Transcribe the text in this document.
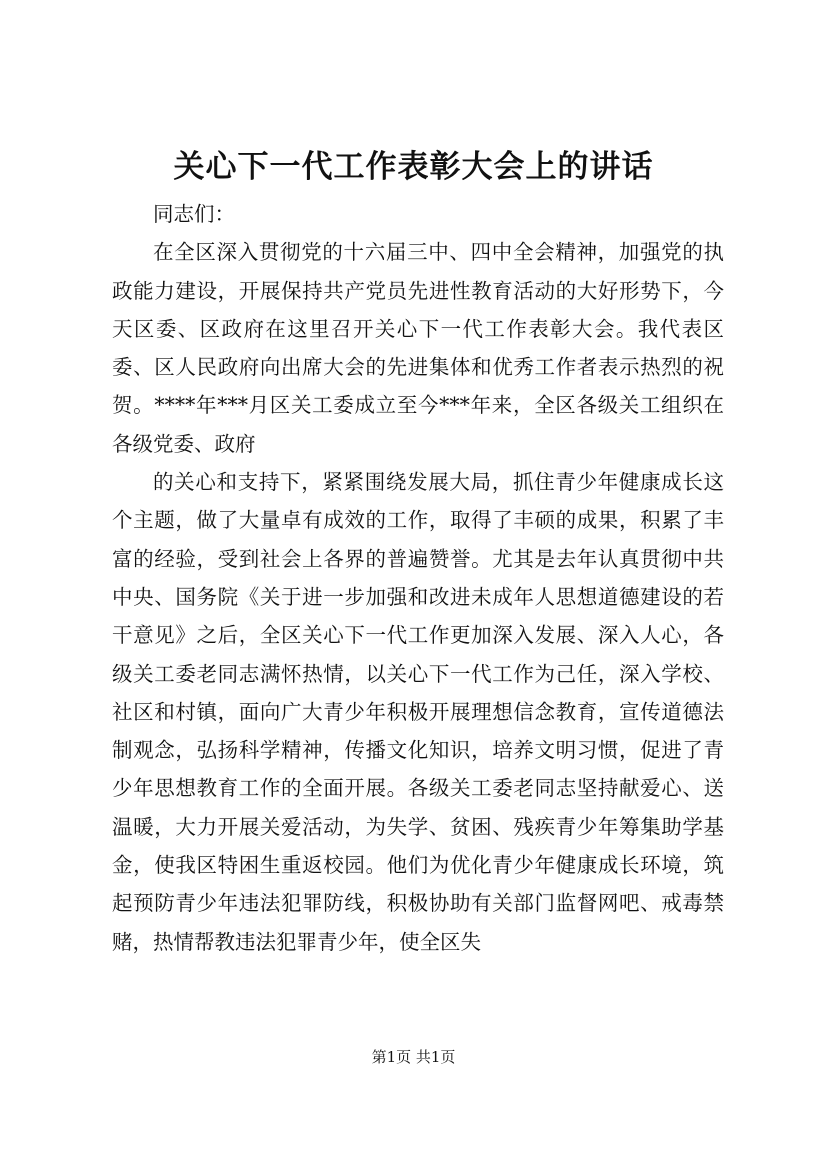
关心下一代工作表彰大会上的讲话

同志们：

在全区深入贯彻党的十六届三中、四中全会精神，加强党的执政能力建设，开展保持共产党员先进性教育活动的大好形势下，今天区委、区政府在这里召开关心下一代工作表彰大会。我代表区委、区人民政府向出席大会的先进集体和优秀工作者表示热烈的祝贺。****年***月区关工委成立至今***年来，全区各级关工组织在各级党委、政府

的关心和支持下，紧紧围绕发展大局，抓住青少年健康成长这个主题，做了大量卓有成效的工作，取得了丰硕的成果，积累了丰富的经验，受到社会上各界的普遍赞誉。尤其是去年认真贯彻中共中央、国务院《关于进一步加强和改进未成年人思想道德建设的若干意见》之后，全区关心下一代工作更加深入发展、深入人心，各级关工委老同志满怀热情，以关心下一代工作为己任，深入学校、社区和村镇，面向广大青少年积极开展理想信念教育，宣传道德法制观念，弘扬科学精神，传播文化知识，培养文明习惯，促进了青少年思想教育工作的全面开展。各级关工委老同志坚持献爱心、送温暖，大力开展关爱活动，为失学、贫困、残疾青少年筹集助学基金，使我区特困生重返校园。他们为优化青少年健康成长环境，筑起预防青少年违法犯罪防线，积极协助有关部门监督网吧、戒毒禁赌，热情帮教违法犯罪青少年，使全区失

第1页 共1页
